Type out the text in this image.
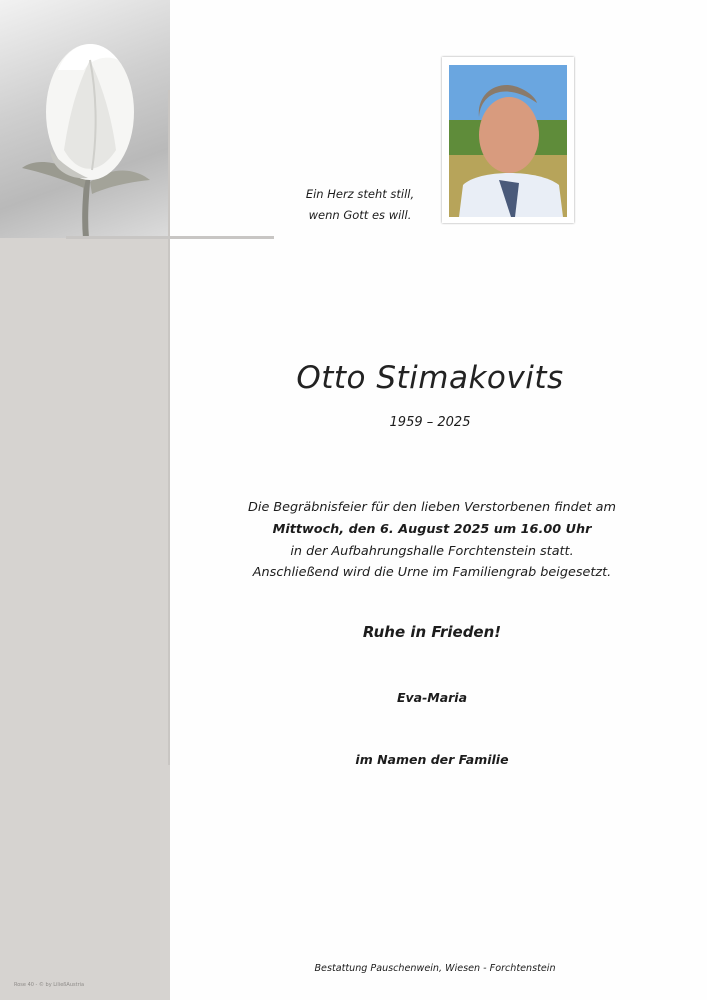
Rose 40 - © by LiließAustria
Ein Herz steht still,
wenn Gott es will.
Otto Stimakovits
1959 – 2025
Die Begräbnisfeier für den lieben Verstorbenen findet am
Mittwoch, den 6. August 2025 um 16.00 Uhr
in der Aufbahrungshalle Forchtenstein statt.
Anschließend wird die Urne im Familiengrab beigesetzt.
Ruhe in Frieden!
Eva-Maria
im Namen der Familie
Bestattung Pauschenwein, Wiesen - Forchtenstein
